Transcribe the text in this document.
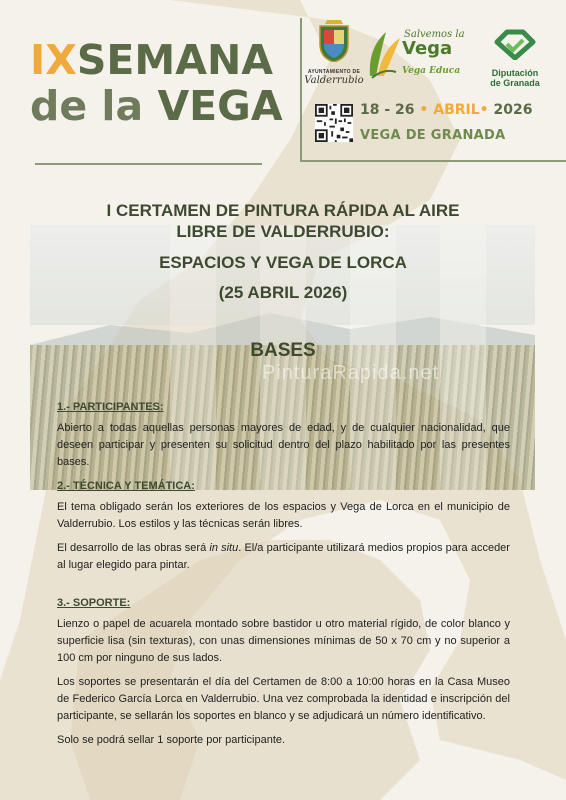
PinturaRapida.net
IXSEMANA
de la VEGA
AYUNTAMIENTO DE
Valderrubio
Salvemos la
Vega
Vega Educa	Diputación
de Granada
18 - 26 • ABRIL• 2026
VEGA DE GRANADA
I CERTAMEN DE PINTURA RÁPIDA AL AIRE
LIBRE DE VALDERRUBIO:
ESPACIOS Y VEGA DE LORCA
(25 ABRIL 2026)
BASES
1.- PARTICIPANTES:

Abierto a todas aquellas personas mayores de edad, y de cualquier nacionalidad, que deseen participar y presenten su solicitud dentro del plazo habilitado por las presentes bases.

2.- TÉCNICA Y TEMÁTICA:

El tema obligado serán los exteriores de los espacios y Vega de Lorca en el municipio de Valderrubio. Los estilos y las técnicas serán libres.

El desarrollo de las obras será in situ. El/a participante utilizará medios propios para acceder al lugar elegido para pintar.

3.- SOPORTE:

Lienzo o papel de acuarela montado sobre bastidor u otro material rígido, de color blanco y superficie lisa (sin texturas), con unas dimensiones mínimas de 50 x 70 cm y no superior a 100 cm por ninguno de sus lados.

Los soportes se presentarán el día del Certamen de 8:00 a 10:00 horas en la Casa Museo de Federico García Lorca en Valderrubio. Una vez comprobada la identidad e inscripción del participante, se sellarán los soportes en blanco y se adjudicará un número identificativo.

Solo se podrá sellar 1 soporte por participante.
